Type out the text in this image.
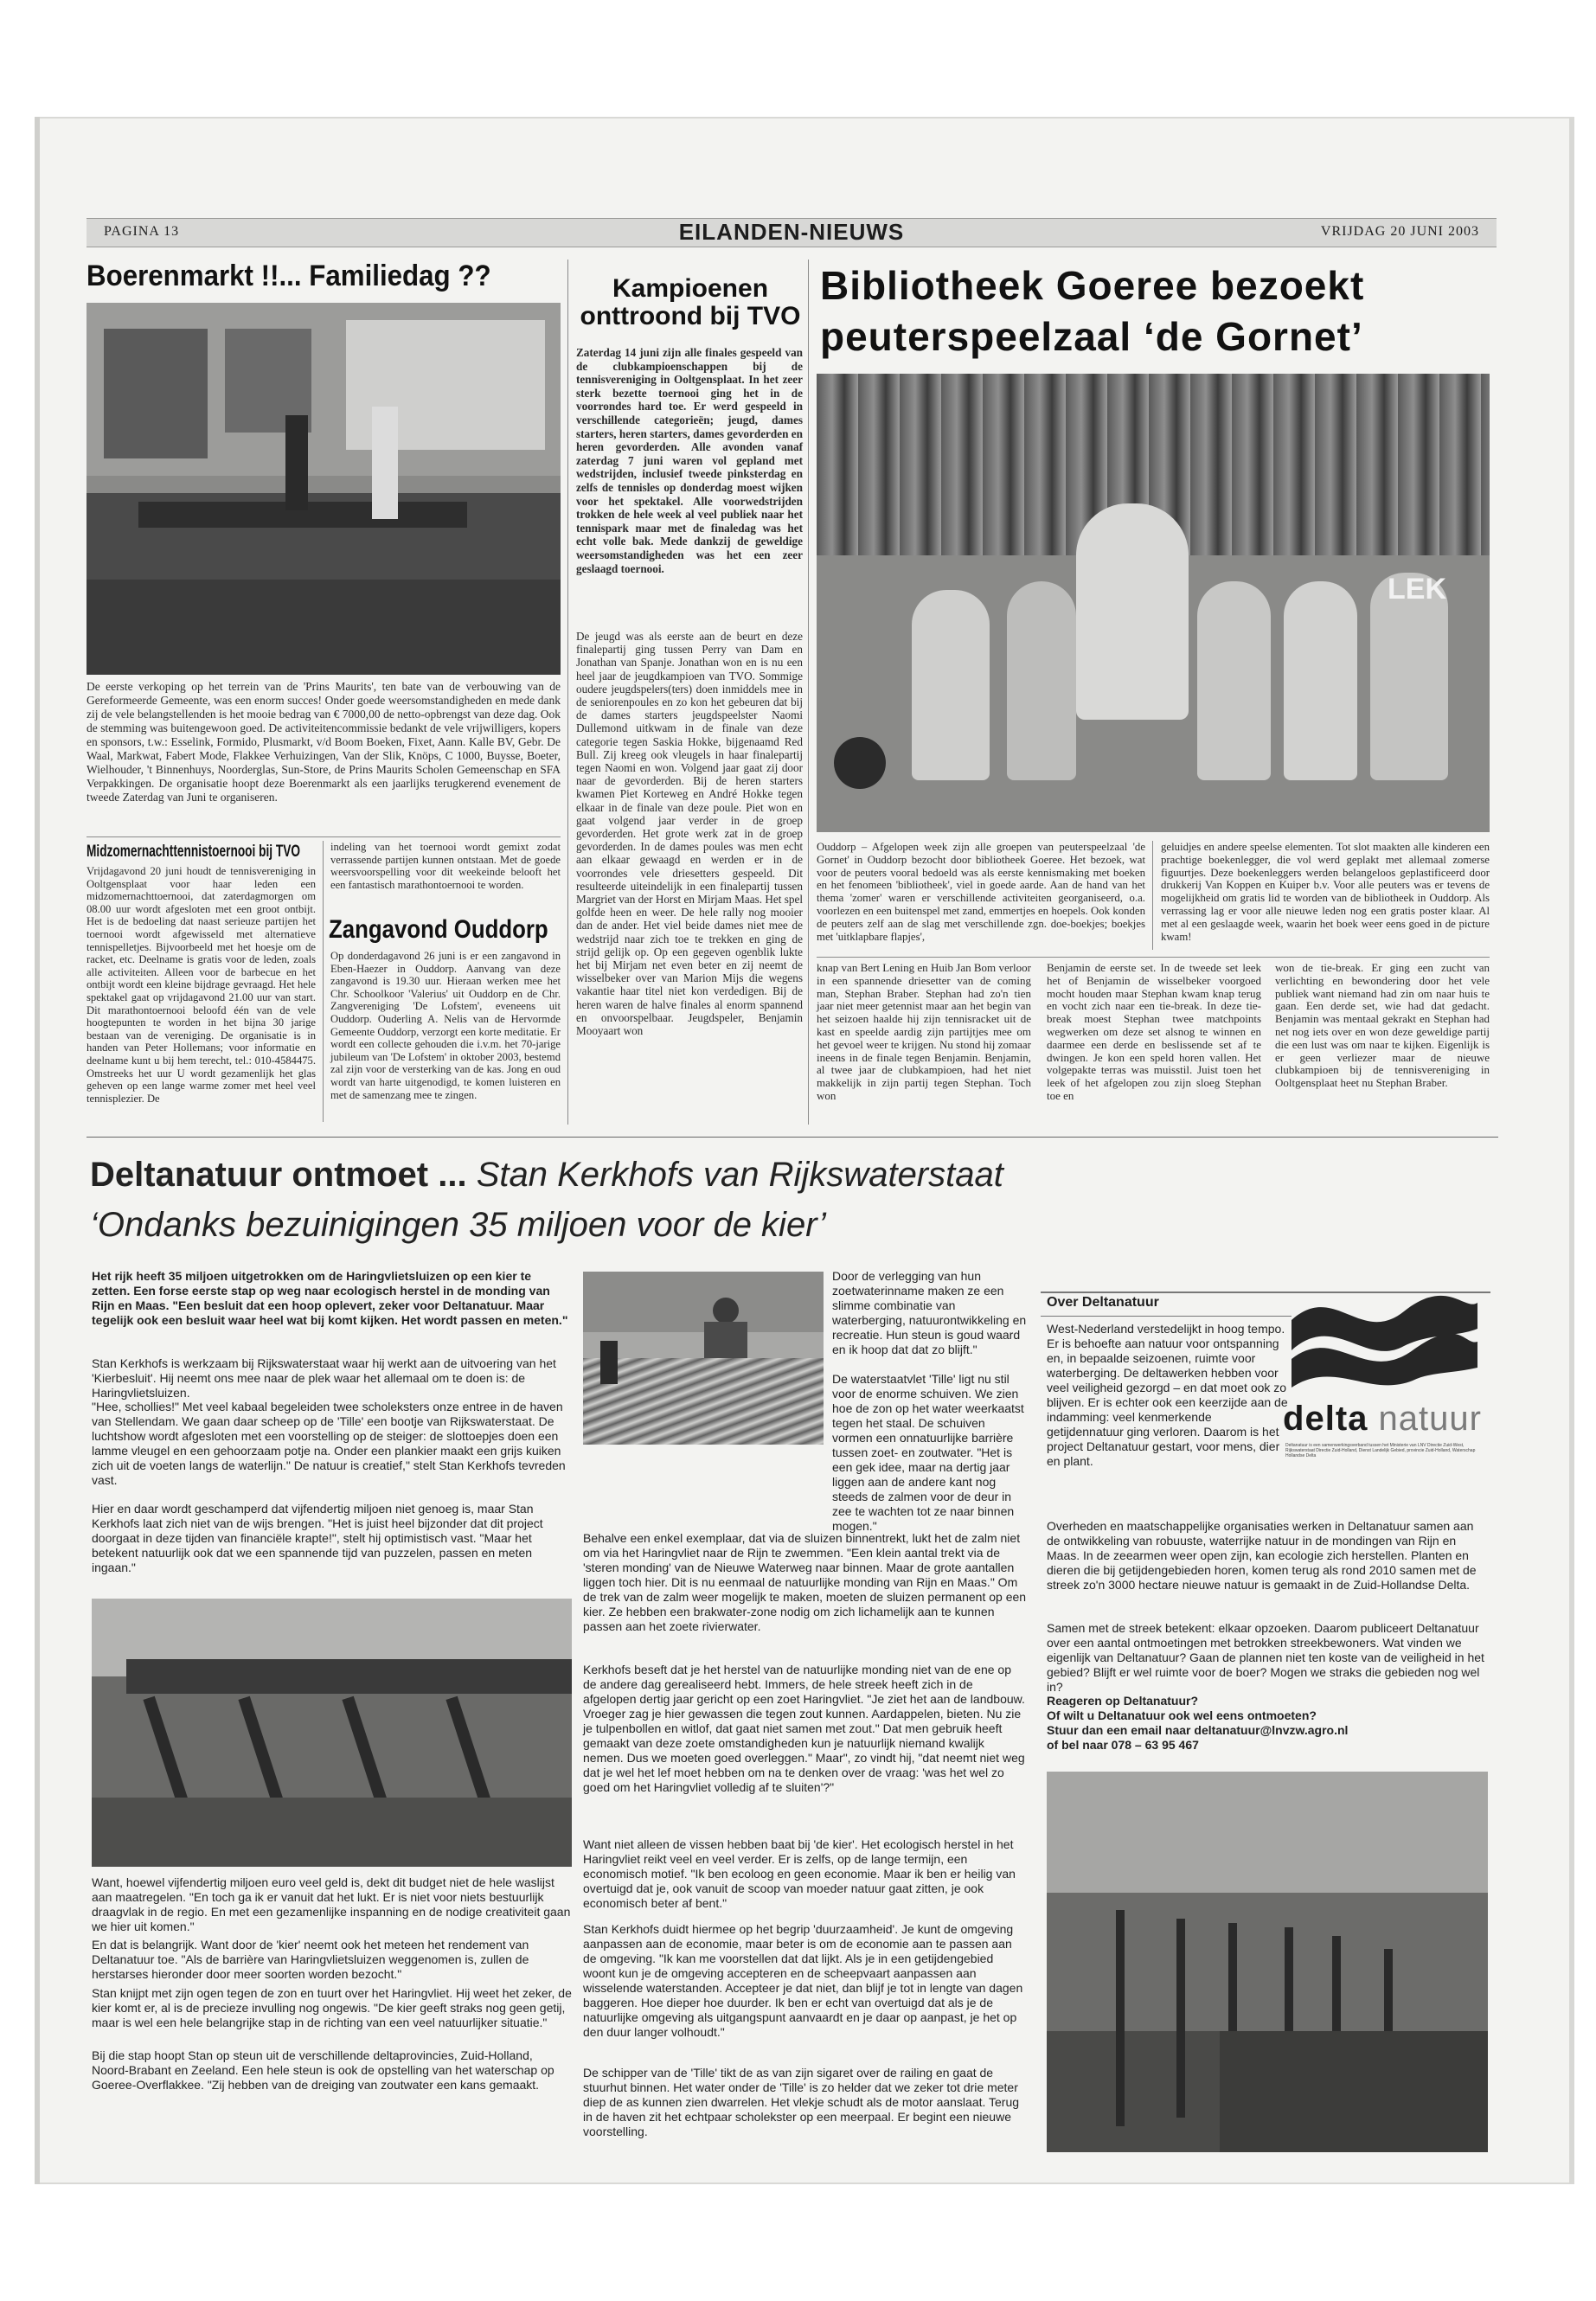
PAGINA 13	EILANDEN-NIEUWS	VRIJDAG 20 JUNI 2003
Boerenmarkt !!... Familiedag ??
De eerste verkoping op het terrein van de 'Prins Maurits', ten bate van de verbouwing van de Gereformeerde Gemeente, was een enorm succes! Onder goede weersomstandigheden en mede dank zij de vele belangstellenden is het mooie bedrag van € 7000,00 de netto-opbrengst van deze dag. Ook de stemming was buitengewoon goed. De activiteitencommissie bedankt de vele vrijwilligers, kopers en sponsors, t.w.: Esselink, Formido, Plusmarkt, v/d Boom Boeken, Fixet, Aann. Kalle BV, Gebr. De Waal, Markwat, Fabert Mode, Flakkee Verhuizingen, Van der Slik, Knöps, C 1000, Buysse, Boeter, Wielhouder, 't Binnenhuys, Noorderglas, Sun-Store, de Prins Maurits Scholen Gemeenschap en SFA Verpakkingen. De organisatie hoopt deze Boerenmarkt als een jaarlijks terugkerend evenement de tweede Zaterdag van Juni te organiseren.
Midzomernachttennistoernooi bij TVO
Vrijdagavond 20 juni houdt de tennisvereniging in Ooltgensplaat voor haar leden een midzomernachttoernooi, dat zaterdagmorgen om 08.00 uur wordt afgesloten met een groot ontbijt. Het is de bedoeling dat naast serieuze partijen het toernooi wordt afgewisseld met alternatieve tennispelletjes. Bijvoorbeeld met het hoesje om de racket, etc. Deelname is gratis voor de leden, zoals alle activiteiten. Alleen voor de barbecue en het ontbijt wordt een kleine bijdrage gevraagd. Het hele spektakel gaat op vrijdagavond 21.00 uur van start. Dit marathontoernooi beloofd één van de vele hoogtepunten te worden in het bijna 30 jarige bestaan van de vereniging. De organisatie is in handen van Peter Hollemans; voor informatie en deelname kunt u bij hem terecht, tel.: 010-4584475. Omstreeks het uur U wordt gezamenlijk het glas geheven op een lange warme zomer met heel veel tennisplezier. De
indeling van het toernooi wordt gemixt zodat verrassende partijen kunnen ontstaan. Met de goede weersvoorspelling voor dit weekeinde belooft het een fantastisch marathontoernooi te worden.
Zangavond Ouddorp
Op donderdagavond 26 juni is er een zangavond in Eben-Haezer in Ouddorp. Aanvang van deze zangavond is 19.30 uur. Hieraan werken mee het Chr. Schoolkoor 'Valerius' uit Ouddorp en de Chr. Zangvereniging 'De Lofstem', eveneens uit Ouddorp. Ouderling A. Nelis van de Hervormde Gemeente Ouddorp, verzorgt een korte meditatie. Er wordt een collecte gehouden die i.v.m. het 70-jarige jubileum van 'De Lofstem' in oktober 2003, bestemd zal zijn voor de versterking van de kas. Jong en oud wordt van harte uitgenodigd, te komen luisteren en met de samenzang mee te zingen.
Kampioenen onttroond bij TVO
Zaterdag 14 juni zijn alle finales gespeeld van de clubkampioenschappen bij de tennisvereniging in Ooltgensplaat. In het zeer sterk bezette toernooi ging het in de voorrondes hard toe. Er werd gespeeld in verschillende categorieën; jeugd, dames starters, heren starters, dames gevorderden en heren gevorderden. Alle avonden vanaf zaterdag 7 juni waren vol gepland met wedstrijden, inclusief tweede pinksterdag en zelfs de tennisles op donderdag moest wijken voor het spektakel. Alle voorwedstrijden trokken de hele week al veel publiek naar het tennispark maar met de finaledag was het echt volle bak. Mede dankzij de geweldige weersomstandigheden was het een zeer geslaagd toernooi.
De jeugd was als eerste aan de beurt en deze finalepartij ging tussen Perry van Dam en Jonathan van Spanje. Jonathan won en is nu een heel jaar de jeugdkampioen van TVO. Sommige oudere jeugdspelers(ters) doen inmiddels mee in de seniorenpoules en zo kon het gebeuren dat bij de dames starters jeugdspeelster Naomi Dullemond uitkwam in de finale van deze categorie tegen Saskia Hokke, bijgenaamd Red Bull. Zij kreeg ook vleugels in haar finalepartij tegen Naomi en won. Volgend jaar gaat zij door naar de gevorderden. Bij de heren starters kwamen Piet Korteweg en André Hokke tegen elkaar in de finale van deze poule. Piet won en gaat volgend jaar verder in de groep gevorderden. Het grote werk zat in de groep gevorderden. In de dames poules was men echt aan elkaar gewaagd en werden er in de voorrondes vele driesetters gespeeld. Dit resulteerde uiteindelijk in een finalepartij tussen Margriet van der Horst en Mirjam Maas. Het spel golfde heen en weer. De hele rally nog mooier dan de ander. Het viel beide dames niet mee de wedstrijd naar zich toe te trekken en ging de strijd gelijk op. Op een gegeven ogenblik lukte het bij Mirjam net even beter en zij neemt de wisselbeker over van Marion Mijs die wegens vakantie haar titel niet kon verdedigen. Bij de heren waren de halve finales al enorm spannend en onvoorspelbaar. Jeugdspeler, Benjamin Mooyaart won
Bibliotheek Goeree bezoekt
peuterspeelzaal ‘de Gornet’
LEK
Ouddorp – Afgelopen week zijn alle groepen van peuterspeelzaal 'de Gornet' in Ouddorp bezocht door bibliotheek Goeree. Het bezoek, wat voor de peuters vooral bedoeld was als eerste kennismaking met boeken en het fenomeen 'bibliotheek', viel in goede aarde. Aan de hand van het thema 'zomer' waren er verschillende activiteiten georganiseerd, o.a. voorlezen en een buitenspel met zand, emmertjes en hoepels. Ook konden de peuters zelf aan de slag met verschillende zgn. doe-boekjes; boekjes met 'uitklapbare flapjes',
geluidjes en andere speelse elementen. Tot slot maakten alle kinderen een prachtige boekenlegger, die vol werd geplakt met allemaal zomerse figuurtjes. Deze boekenleggers werden belangeloos geplastificeerd door drukkerij Van Koppen en Kuiper b.v. Voor alle peuters was er tevens de mogelijkheid om gratis lid te worden van de bibliotheek in Ouddorp. Als verrassing lag er voor alle nieuwe leden nog een gratis poster klaar. Al met al een geslaagde week, waarin het boek weer eens goed in de picture kwam!
knap van Bert Lening en Huib Jan Bom verloor in een spannende driesetter van de coming man, Stephan Braber. Stephan had zo'n tien jaar niet meer getennist maar aan het begin van het seizoen haalde hij zijn tennisracket uit de kast en speelde aardig zijn partijtjes mee om het gevoel weer te krijgen. Nu stond hij zomaar ineens in de finale tegen Benjamin. Benjamin, al twee jaar de clubkampioen, had het niet makkelijk in zijn partij tegen Stephan. Toch won
Benjamin de eerste set. In de tweede set leek het of Benjamin de wisselbeker voorgoed mocht houden maar Stephan kwam knap terug en vocht zich naar een tie-break. In deze tie-break moest Stephan twee matchpoints wegwerken om deze set alsnog te winnen en daarmee een derde en beslissende set af te dwingen. Je kon een speld horen vallen. Het volgepakte terras was muisstil. Juist toen het leek of het afgelopen zou zijn sloeg Stephan toe en
won de tie-break. Er ging een zucht van verlichting en bewondering door het vele publiek want niemand had zin om naar huis te gaan. Een derde set, wie had dat gedacht. Benjamin was mentaal gekrakt en Stephan had net nog iets over en won deze geweldige partij die een lust was om naar te kijken. Eigenlijk is er geen verliezer maar de nieuwe clubkampioen bij de tennisvereniging in Ooltgensplaat heet nu Stephan Braber.
Deltanatuur ontmoet ... Stan Kerkhofs van Rijkswaterstaat
‘Ondanks bezuinigingen 35 miljoen voor de kier’
Het rijk heeft 35 miljoen uitgetrokken om de Haringvlietsluizen op een kier te zetten. Een forse eerste stap op weg naar ecologisch herstel in de monding van Rijn en Maas. "Een besluit dat een hoop oplevert, zeker voor Deltanatuur. Maar tegelijk ook een besluit waar heel wat bij komt kijken. Het wordt passen en meten."
Stan Kerkhofs is werkzaam bij Rijkswaterstaat waar hij werkt aan de uitvoering van het 'Kierbesluit'. Hij neemt ons mee naar de plek waar het allemaal om te doen is: de Haringvlietsluizen.
"Hee, schollies!" Met veel kabaal begeleiden twee scholeksters onze entree in de haven van Stellendam. We gaan daar scheep op de 'Tille' een bootje van Rijkswaterstaat. De luchtshow wordt afgesloten met een voorstelling op de steiger: de slottoepjes doen een lamme vleugel en een gehoorzaam potje na. Onder een plankier maakt een grijs kuiken zich uit de voeten langs de waterlijn." De natuur is creatief," stelt Stan Kerkhofs tevreden vast.
Hier en daar wordt geschamperd dat vijfendertig miljoen niet genoeg is, maar Stan Kerkhofs laat zich niet van de wijs brengen. "Het is juist heel bijzonder dat dit project doorgaat in deze tijden van financiële krapte!", stelt hij optimistisch vast. "Maar het betekent natuurlijk ook dat we een spannende tijd van puzzelen, passen en meten ingaan."
Want, hoewel vijfendertig miljoen euro veel geld is, dekt dit budget niet de hele waslijst aan maatregelen. "En toch ga ik er vanuit dat het lukt. Er is niet voor niets bestuurlijk draagvlak in de regio. En met een gezamenlijke inspanning en de nodige creativiteit gaan we hier uit komen."
En dat is belangrijk. Want door de 'kier' neemt ook het meteen het rendement van Deltanatuur toe. "Als de barrière van Haringvlietsluizen weggenomen is, zullen de herstarses hieronder door meer soorten worden bezocht."
Stan knijpt met zijn ogen tegen de zon en tuurt over het Haringvliet. Hij weet het zeker, de kier komt er, al is de precieze invulling nog ongewis. "De kier geeft straks nog geen getij, maar is wel een hele belangrijke stap in de richting van een veel natuurlijker situatie."
Bij die stap hoopt Stan op steun uit de verschillende deltaprovincies, Zuid-Holland, Noord-Brabant en Zeeland. Een hele steun is ook de opstelling van het waterschap op Goeree-Overflakkee. "Zij hebben van de dreiging van zoutwater een kans gemaakt.
Door de verlegging van hun zoetwaterinname maken ze een slimme combinatie van waterberging, natuurontwikkeling en recreatie. Hun steun is goud waard en ik hoop dat dat zo blijft."
De waterstaatvlet 'Tille' ligt nu stil voor de enorme schuiven. We zien hoe de zon op het water weerkaatst tegen het staal. De schuiven vormen een onnatuurlijke barrière tussen zoet- en zoutwater. "Het is een gek idee, maar na dertig jaar liggen aan de andere kant nog steeds de zalmen voor de deur in zee te wachten tot ze naar binnen mogen."
Behalve een enkel exemplaar, dat via de sluizen binnentrekt, lukt het de zalm niet om via het Haringvliet naar de Rijn te zwemmen. "Een klein aantal trekt via de 'steren monding' van de Nieuwe Waterweg naar binnen. Maar de grote aantallen liggen toch hier. Dit is nu eenmaal de natuurlijke monding van Rijn en Maas." Om de trek van de zalm weer mogelijk te maken, moeten de sluizen permanent op een kier. Ze hebben een brakwater-zone nodig om zich lichamelijk aan te kunnen passen aan het zoete rivierwater.
Kerkhofs beseft dat je het herstel van de natuurlijke monding niet van de ene op de andere dag gerealiseerd hebt. Immers, de hele streek heeft zich in de afgelopen dertig jaar gericht op een zoet Haringvliet. "Je ziet het aan de landbouw. Vroeger zag je hier gewassen die tegen zout kunnen. Aardappelen, bieten. Nu zie je tulpenbollen en witlof, dat gaat niet samen met zout." Dat men gebruik heeft gemaakt van deze zoete omstandigheden kun je natuurlijk niemand kwalijk nemen. Dus we moeten goed overleggen." Maar", zo vindt hij, "dat neemt niet weg dat je wel het lef moet hebben om na te denken over de vraag: 'was het wel zo goed om het Haringvliet volledig af te sluiten'?"
Want niet alleen de vissen hebben baat bij 'de kier'. Het ecologisch herstel in het Haringvliet reikt veel en veel verder. Er is zelfs, op de lange termijn, een economisch motief. "Ik ben ecoloog en geen economie. Maar ik ben er heilig van overtuigd dat je, ook vanuit de scoop van moeder natuur gaat zitten, je ook economisch beter af bent."
Stan Kerkhofs duidt hiermee op het begrip 'duurzaamheid'. Je kunt de omgeving aanpassen aan de economie, maar beter is om de economie aan te passen aan de omgeving. "Ik kan me voorstellen dat dat lijkt. Als je in een getijdengebied woont kun je de omgeving accepteren en de scheepvaart aanpassen aan wisselende waterstanden. Accepteer je dat niet, dan blijf je tot in lengte van dagen baggeren. Hoe dieper hoe duurder. Ik ben er echt van overtuigd dat als je de natuurlijke omgeving als uitgangspunt aanvaardt en je daar op aanpast, je het op den duur langer volhoudt."
De schipper van de 'Tille' tikt de as van zijn sigaret over de railing en gaat de stuurhut binnen. Het water onder de 'Tille' is zo helder dat we zeker tot drie meter diep de as kunnen zien dwarrelen. Het vlekje schudt als de motor aanslaat. Terug in de haven zit het echtpaar scholekster op een meerpaal. Er begint een nieuwe voorstelling.
Over Deltanatuur
West-Nederland verstedelijkt in hoog tempo. Er is behoefte aan natuur voor ontspanning en, in bepaalde seizoenen, ruimte voor waterberging. De deltawerken hebben voor veel veiligheid gezorgd – en dat moet ook zo blijven. Er is echter ook een keerzijde aan de indamming: veel kenmerkende getijdennatuur ging verloren. Daarom is het project Deltanatuur gestart, voor mens, dier en plant.
delta natuur
Deltanatuur is een samenwerkingsverband tussen het Ministerie van LNV Directie Zuid-West, Rijkswaterstaat Directie Zuid-Holland, Dienst Landelijk Gebied, provincie Zuid-Holland, Waterschap Hollandse Delta
Overheden en maatschappelijke organisaties werken in Deltanatuur samen aan de ontwikkeling van robuuste, waterrijke natuur in de mondingen van Rijn en Maas. In de zeearmen weer open zijn, kan ecologie zich herstellen. Planten en dieren die bij getijdengebieden horen, komen terug als rond 2010 samen met de streek zo'n 3000 hectare nieuwe natuur is gemaakt in de Zuid-Hollandse Delta.
Samen met de streek betekent: elkaar opzoeken. Daarom publiceert Deltanatuur over een aantal ontmoetingen met betrokken streekbewoners. Wat vinden we eigenlijk van Deltanatuur? Gaan de plannen niet ten koste van de veiligheid in het gebied? Blijft er wel ruimte voor de boer? Mogen we straks die gebieden nog wel in?
Reageren op Deltanatuur?
Of wilt u Deltanatuur ook wel eens ontmoeten?
Stuur dan een email naar deltanatuur@lnvzw.agro.nl
of bel naar 078 – 63 95 467
